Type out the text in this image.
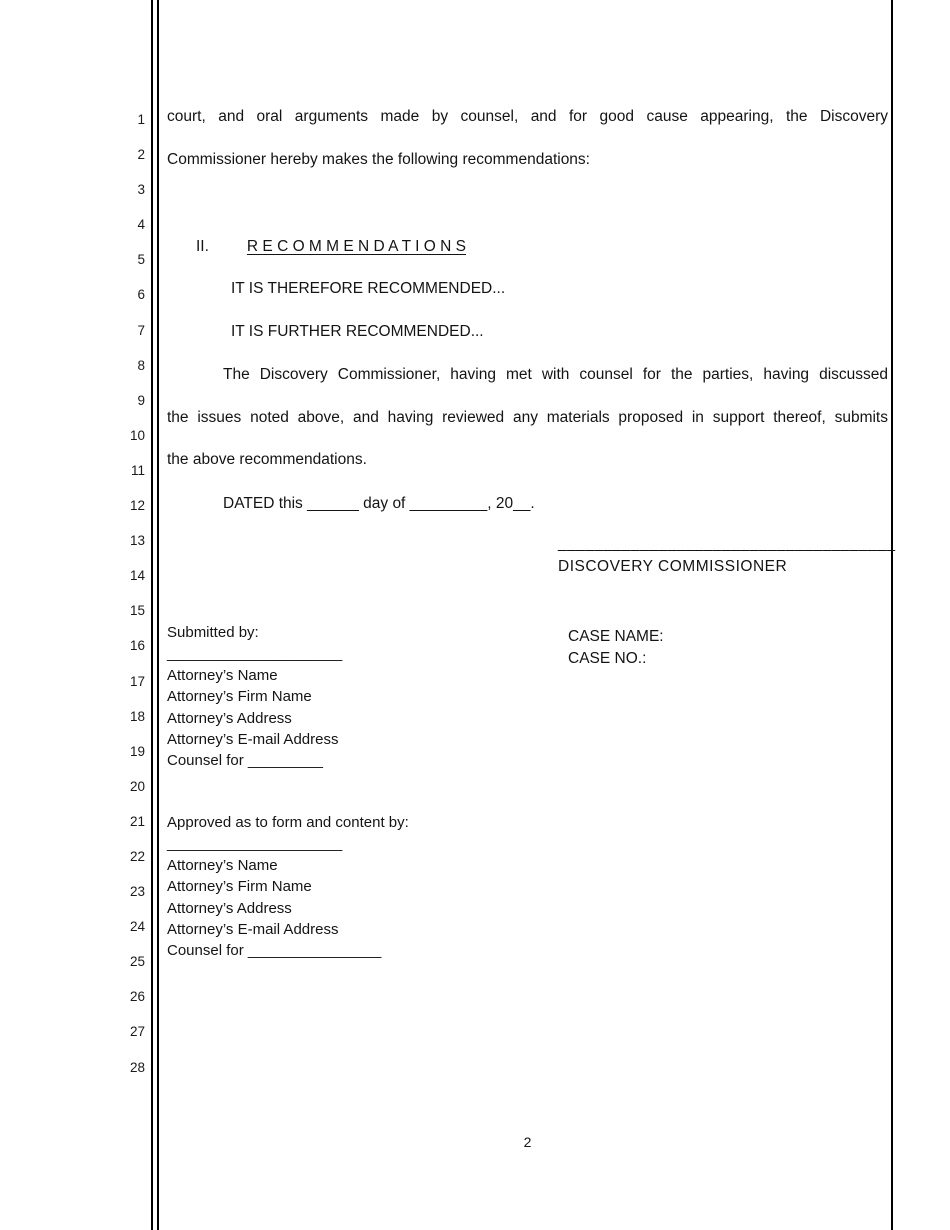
1
2
3
4
5
6
7
8
9
10
11
12
13
14
15
16
17
18
19
20
21
22
23
24
25
26
27
28
court, and oral arguments made by counsel, and for good cause appearing, the Discovery
Commissioner hereby makes the following recommendations:
II. R E C O M M E N D A T I O N S
IT IS THEREFORE RECOMMENDED...
IT IS FURTHER RECOMMENDED...
The Discovery Commissioner, having met with counsel for the parties, having discussed
the issues noted above, and having reviewed any materials proposed in support thereof, submits
the above recommendations.
DATED this ______ day of _________, 20__.
_____________________________________
DISCOVERY COMMISSIONER
CASE NAME:
CASE NO.:
Submitted by:
_____________________
Attorney’s Name
Attorney’s Firm Name
Attorney’s Address
Attorney’s E-mail Address
Counsel for _________
Approved as to form and content by:
_____________________
Attorney’s Name
Attorney’s Firm Name
Attorney’s Address
Attorney’s E-mail Address
Counsel for ________________
2
